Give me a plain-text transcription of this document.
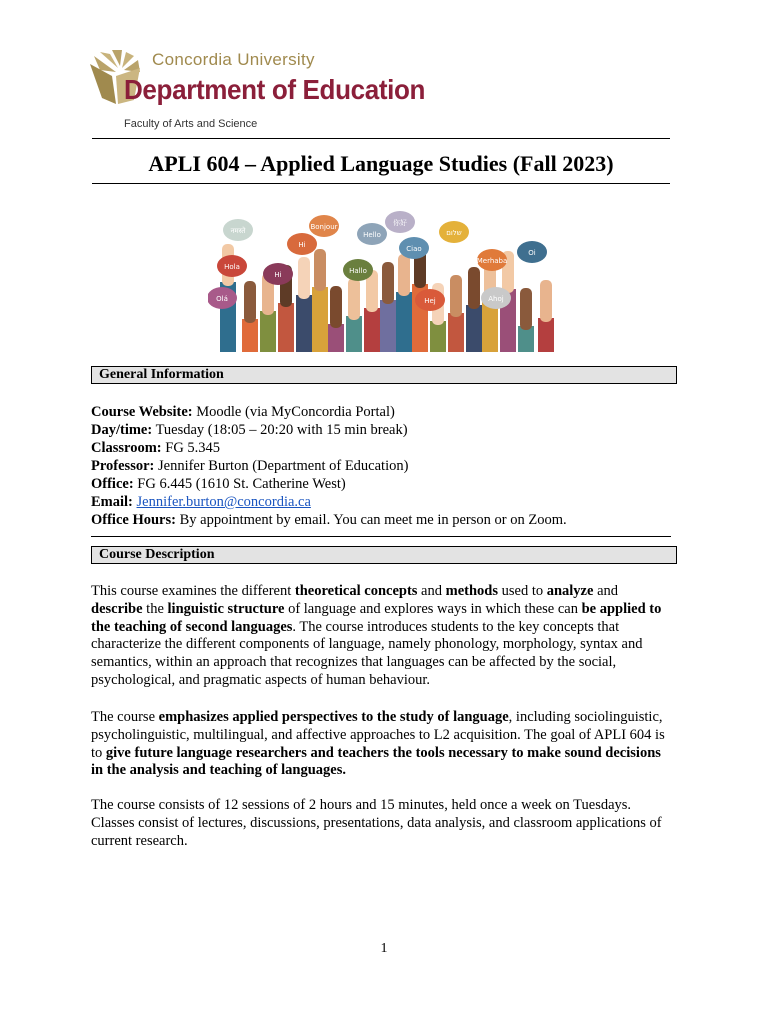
Concordia University
Department of Education
Faculty of Arts and Science
APLI 604 – Applied Language Studies (Fall 2023)
नमस्ते
Hi
Bonjour
Hello
你好
Hola
Ciao
שלום
Hallo
Olá	Hej	Ahoj
Oi
Merhaba
Hi
General Information
Course Website: Moodle (via MyConcordia Portal)
Day/time: Tuesday (18:05 – 20:20 with 15 min break)
Classroom: FG 5.345
Professor: Jennifer Burton (Department of Education)
Office: FG 6.445 (1610 St. Catherine West)
Email: Jennifer.burton@concordia.ca
Office Hours: By appointment by email. You can meet me in person or on Zoom.
Course Description

This course examines the different theoretical concepts and methods used to analyze and describe the linguistic structure of language and explores ways in which these can be applied to the teaching of second languages. The course introduces students to the key concepts that characterize the different components of language, namely phonology, morphology, syntax and semantics, within an approach that recognizes that languages can be affected by the social, psychological, and pragmatic aspects of human behaviour.

The course emphasizes applied perspectives to the study of language, including sociolinguistic, psycholinguistic, multilingual, and affective approaches to L2 acquisition. The goal of APLI 604 is to give future language researchers and teachers the tools necessary to make sound decisions in the analysis and teaching of languages.

The course consists of 12 sessions of 2 hours and 15 minutes, held once a week on Tuesdays. Classes consist of lectures, discussions, presentations, data analysis, and classroom applications of current research.

1
